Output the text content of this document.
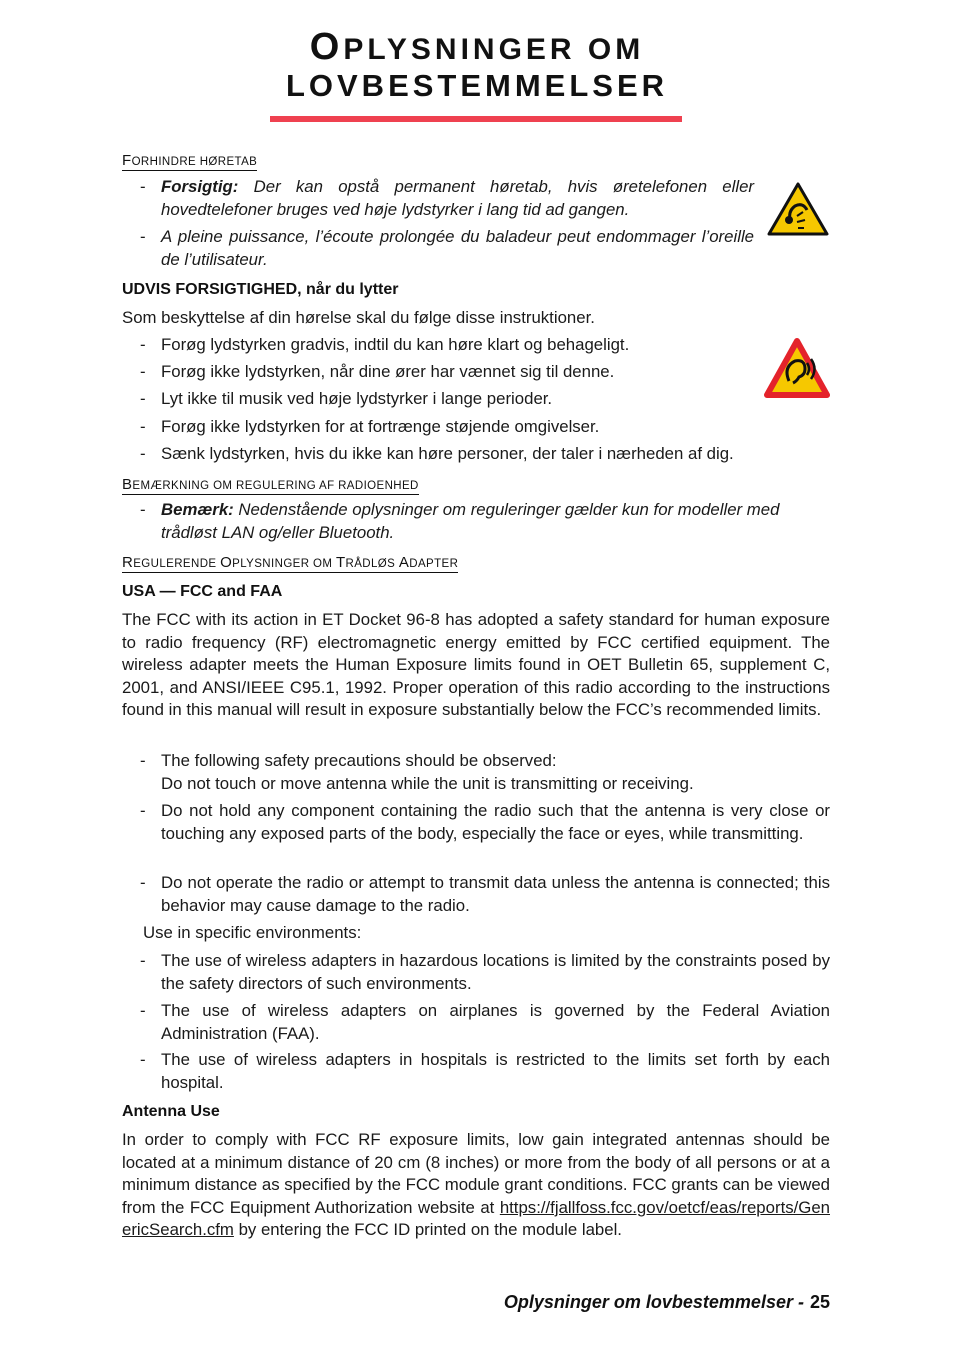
OPLYSNINGER OM
LOVBESTEMMELSER
FORHINDRE HØRETAB
- Forsigtig: Der kan opstå permanent høretab, hvis øretelefonen eller hovedtelefoner bruges ved høje lydstyrker i lang tid ad gangen.
- A pleine puissance, l’écoute prolongée du baladeur peut endommager l’oreille de l’utilisateur.
UDVIS FORSIGTIGHED, når du lytter
Som beskyttelse af din hørelse skal du følge disse instruktioner.
- Forøg lydstyrken gradvis, indtil du kan høre klart og behageligt.
- Forøg ikke lydstyrken, når dine ører har vænnet sig til denne.
- Lyt ikke til musik ved høje lydstyrker i lange perioder.
- Forøg ikke lydstyrken for at fortrænge støjende omgivelser.
- Sænk lydstyrken, hvis du ikke kan høre personer, der taler i nærheden af dig.
BEMÆRKNING OM REGULERING AF RADIOENHED
- Bemærk: Nedenstående oplysninger om reguleringer gælder kun for modeller med trådløst LAN og/eller Bluetooth.
REGULERENDE OPLYSNINGER OM TRÅDLØS ADAPTER
USA — FCC and FAA
The FCC with its action in ET Docket 96-8 has adopted a safety standard for human exposure to radio frequency (RF) electromagnetic energy emitted by FCC certified equipment. The wireless adapter meets the Human Exposure limits found in OET Bulletin 65, supplement C, 2001, and ANSI/IEEE C95.1, 1992. Proper operation of this radio according to the instructions found in this manual will result in exposure substantially below the FCC’s recommended limits.
- The following safety precautions should be observed:
Do not touch or move antenna while the unit is transmitting or receiving.
- Do not hold any component containing the radio such that the antenna is very close or touching any exposed parts of the body, especially the face or eyes, while transmitting.
- Do not operate the radio or attempt to transmit data unless the antenna is connected; this behavior may cause damage to the radio.
Use in specific environments:
- The use of wireless adapters in hazardous locations is limited by the constraints posed by the safety directors of such environments.
- The use of wireless adapters on airplanes is governed by the Federal Aviation Administration (FAA).
- The use of wireless adapters in hospitals is restricted to the limits set forth by each hospital.
Antenna Use
In order to comply with FCC RF exposure limits, low gain integrated antennas should be located at a minimum distance of 20 cm (8 inches) or more from the body of all persons or at a minimum distance as specified by the FCC module grant conditions. FCC grants can be viewed from the FCC Equipment Authorization website at https://fjallfoss.fcc.gov/oetcf/eas/reports/GenericSearch.cfm by entering the FCC ID printed on the module label.
Oplysninger om lovbestemmelser - 25
